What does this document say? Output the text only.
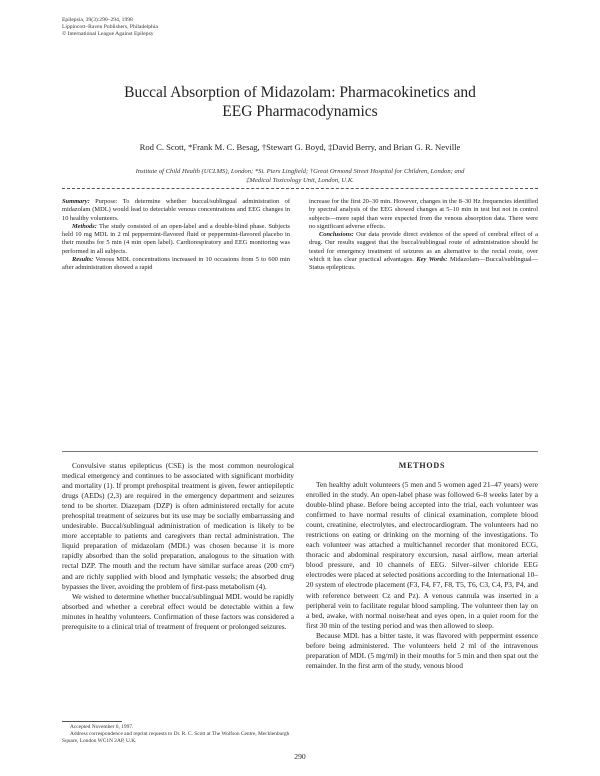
Epilepsia, 39(3):290–294, 1998
Lippincott–Raven Publishers, Philadelphia
© International League Against Epilepsy
Buccal Absorption of Midazolam: Pharmacokinetics and
EEG Pharmacodynamics
Rod C. Scott, *Frank M. C. Besag, †Stewart G. Boyd, ‡David Berry, and Brian G. R. Neville
Institute of Child Health (UCLMS), London; *St. Piers Lingfield; †Great Ormond Street Hospital for Children, London; and
‡Medical Toxicology Unit, London, U.K.

Summary: Purpose: To determine whether buccal/sublingual administration of midazolam (MDL) would lead to detectable venous concentrations and EEG changes in 10 healthy volunteers.

Methods: The study consisted of an open-label and a double-blind phase. Subjects held 10 mg MDL in 2 ml peppermint-flavored fluid or peppermint-flavored placebo in their mouths for 5 min (4 min open label). Cardiorespiratory and EEG monitoring was performed in all subjects.

Results: Venous MDL concentrations increased in 10 occasions from 5 to 600 min after administration showed a rapid

increase for the first 20–30 min. However, changes in the 8–30 Hz frequencies identified by spectral analysis of the EEG showed changes at 5–10 min in test but not in control subjects—more rapid than were expected from the venous absorption data. There were no significant adverse effects.

Conclusions: Our data provide direct evidence of the speed of cerebral effect of a drug. Our results suggest that the buccal/sublingual route of administration should be tested for emergency treatment of seizures as an alternative to the rectal route, over which it has clear practical advantages. Key Words: Midazolam—Buccal/sublingual—Status epilepticus.

Convulsive status epilepticus (CSE) is the most common neurological medical emergency and continues to be associated with significant morbidity and mortality (1). If prompt prehospital treatment is given, fewer antiepileptic drugs (AEDs) (2,3) are required in the emergency department and seizures tend to be shorter. Diazepam (DZP) is often administered rectally for acute prehospital treatment of seizures but its use may be socially embarrassing and undesirable. Buccal/sublingual administration of medication is likely to be more acceptable to patients and caregivers than rectal administration. The liquid preparation of midazolam (MDL) was chosen because it is more rapidly absorbed than the solid preparation, analogous to the situation with rectal DZP. The mouth and the rectum have similar surface areas (200 cm²) and are richly supplied with blood and lymphatic vessels; the absorbed drug bypasses the liver, avoiding the problem of first-pass metabolism (4).

We wished to determine whether buccal/sublingual MDL would be rapidly absorbed and whether a cerebral effect would be detectable within a few minutes in healthy volunteers. Confirmation of these factors was considered a prerequisite to a clinical trial of treatment of frequent or prolonged seizures.

METHODS

Ten healthy adult volunteers (5 men and 5 women aged 21–47 years) were enrolled in the study. An open-label phase was followed 6–8 weeks later by a double-blind phase. Before being accepted into the trial, each volunteer was confirmed to have normal results of clinical examination, complete blood count, creatinine, electrolytes, and electrocardiogram. The volunteers had no restrictions on eating or drinking on the morning of the investigations. To each volunteer was attached a multichannel recorder that monitored ECG, thoracic and abdominal respiratory excursion, nasal airflow, mean arterial blood pressure, and 10 channels of EEG. Silver–silver chloride EEG electrodes were placed at selected positions according to the International 10–20 system of electrode placement (F3, F4, F7, F8, T5, T6, C3, C4, P3, P4, and with reference between Cz and Pz). A venous cannula was inserted in a peripheral vein to facilitate regular blood sampling. The volunteer then lay on a bed, awake, with normal noise/heat and eyes open, in a quiet room for the first 30 min of the testing period and was then allowed to sleep.

Because MDL has a bitter taste, it was flavored with peppermint essence before being administered. The volunteers held 2 ml of the intravenous preparation of MDL (5 mg/ml) in their mouths for 5 min and then spat out the remainder. In the first arm of the study, venous blood

Accepted November 6, 1997.
Address correspondence and reprint requests to Dr. R. C. Scott at The Wolfson Centre, Mecklenburgh Square, London WC1N 2AP, U.K.
290
